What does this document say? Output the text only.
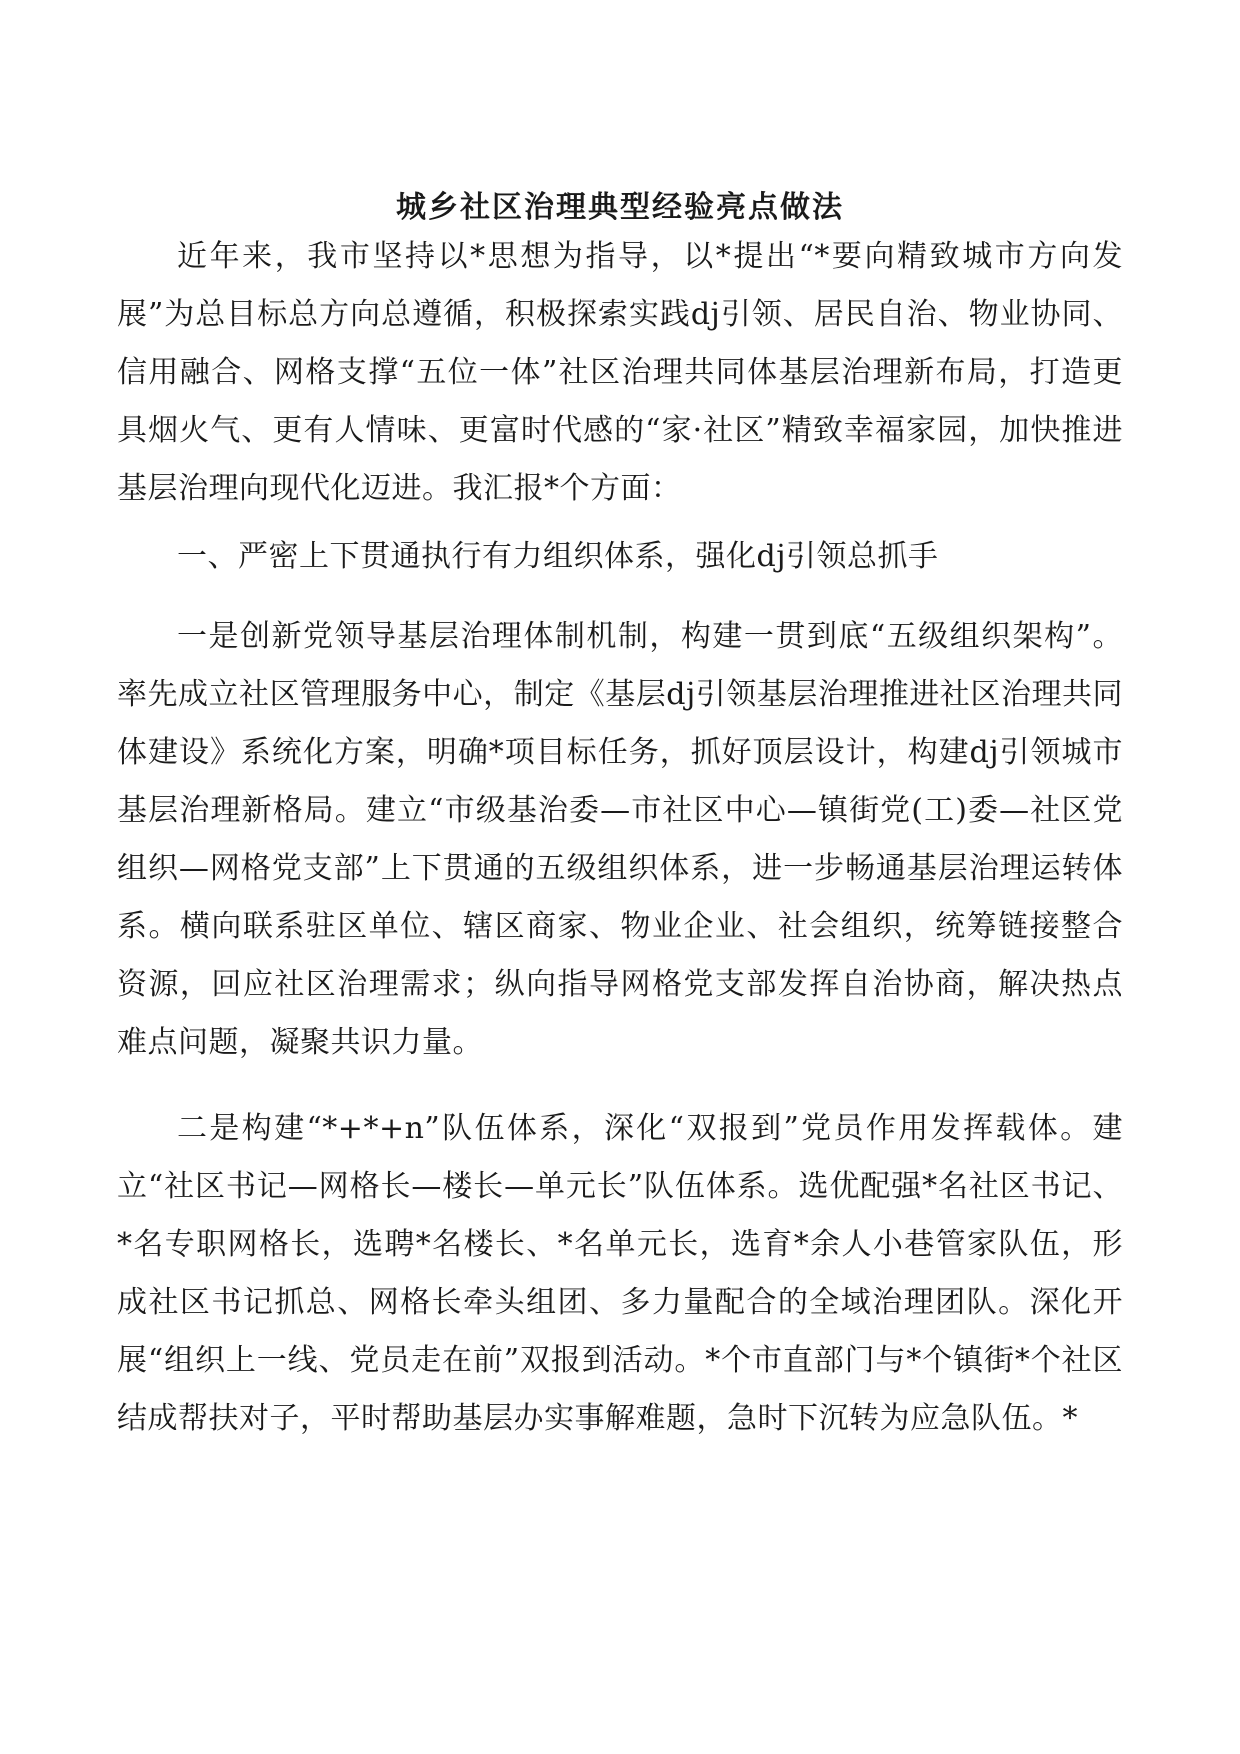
城乡社区治理典型经验亮点做法

近年来，我市坚持以*思想为指导，以*提出“*要向精致城市方向发展”为总目标总方向总遵循，积极探索实践dj引领、居民自治、物业协同、信用融合、网格支撑“五位一体”社区治理共同体基层治理新布局，打造更具烟火气、更有人情味、更富时代感的“家·社区”精致幸福家园，加快推进基层治理向现代化迈进。我汇报*个方面：

一、严密上下贯通执行有力组织体系，强化dj引领总抓手

一是创新党领导基层治理体制机制，构建一贯到底“五级组织架构”。率先成立社区管理服务中心，制定《基层dj引领基层治理推进社区治理共同体建设》系统化方案，明确*项目标任务，抓好顶层设计，构建dj引领城市基层治理新格局。建立“市级基治委—市社区中心—镇街党(工)委—社区党组织—网格党支部”上下贯通的五级组织体系，进一步畅通基层治理运转体系。横向联系驻区单位、辖区商家、物业企业、社会组织，统筹链接整合资源，回应社区治理需求；纵向指导网格党支部发挥自治协商，解决热点难点问题，凝聚共识力量。

二是构建“*+*+n”队伍体系，深化“双报到”党员作用发挥载体。建立“社区书记—网格长—楼长—单元长”队伍体系。选优配强*名社区书记、*名专职网格长，选聘*名楼长、*名单元长，选育*余人小巷管家队伍，形成社区书记抓总、网格长牵头组团、多力量配合的全域治理团队。深化开展“组织上一线、党员走在前”双报到活动。*个市直部门与*个镇街*个社区结成帮扶对子，平时帮助基层办实事解难题，急时下沉转为应急队伍。*
